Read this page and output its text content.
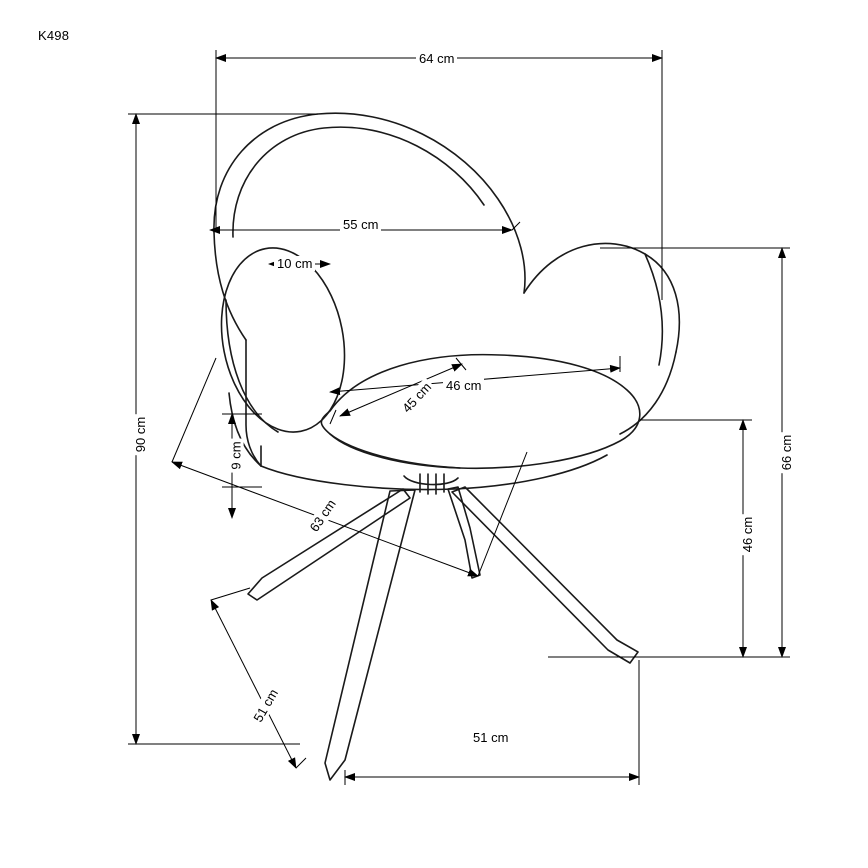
K498
64 cm
55 cm
10 cm
46 cm
45 cm
63 cm
51 cm
51 cm
90 cm
66 cm
46 cm
9 cm
